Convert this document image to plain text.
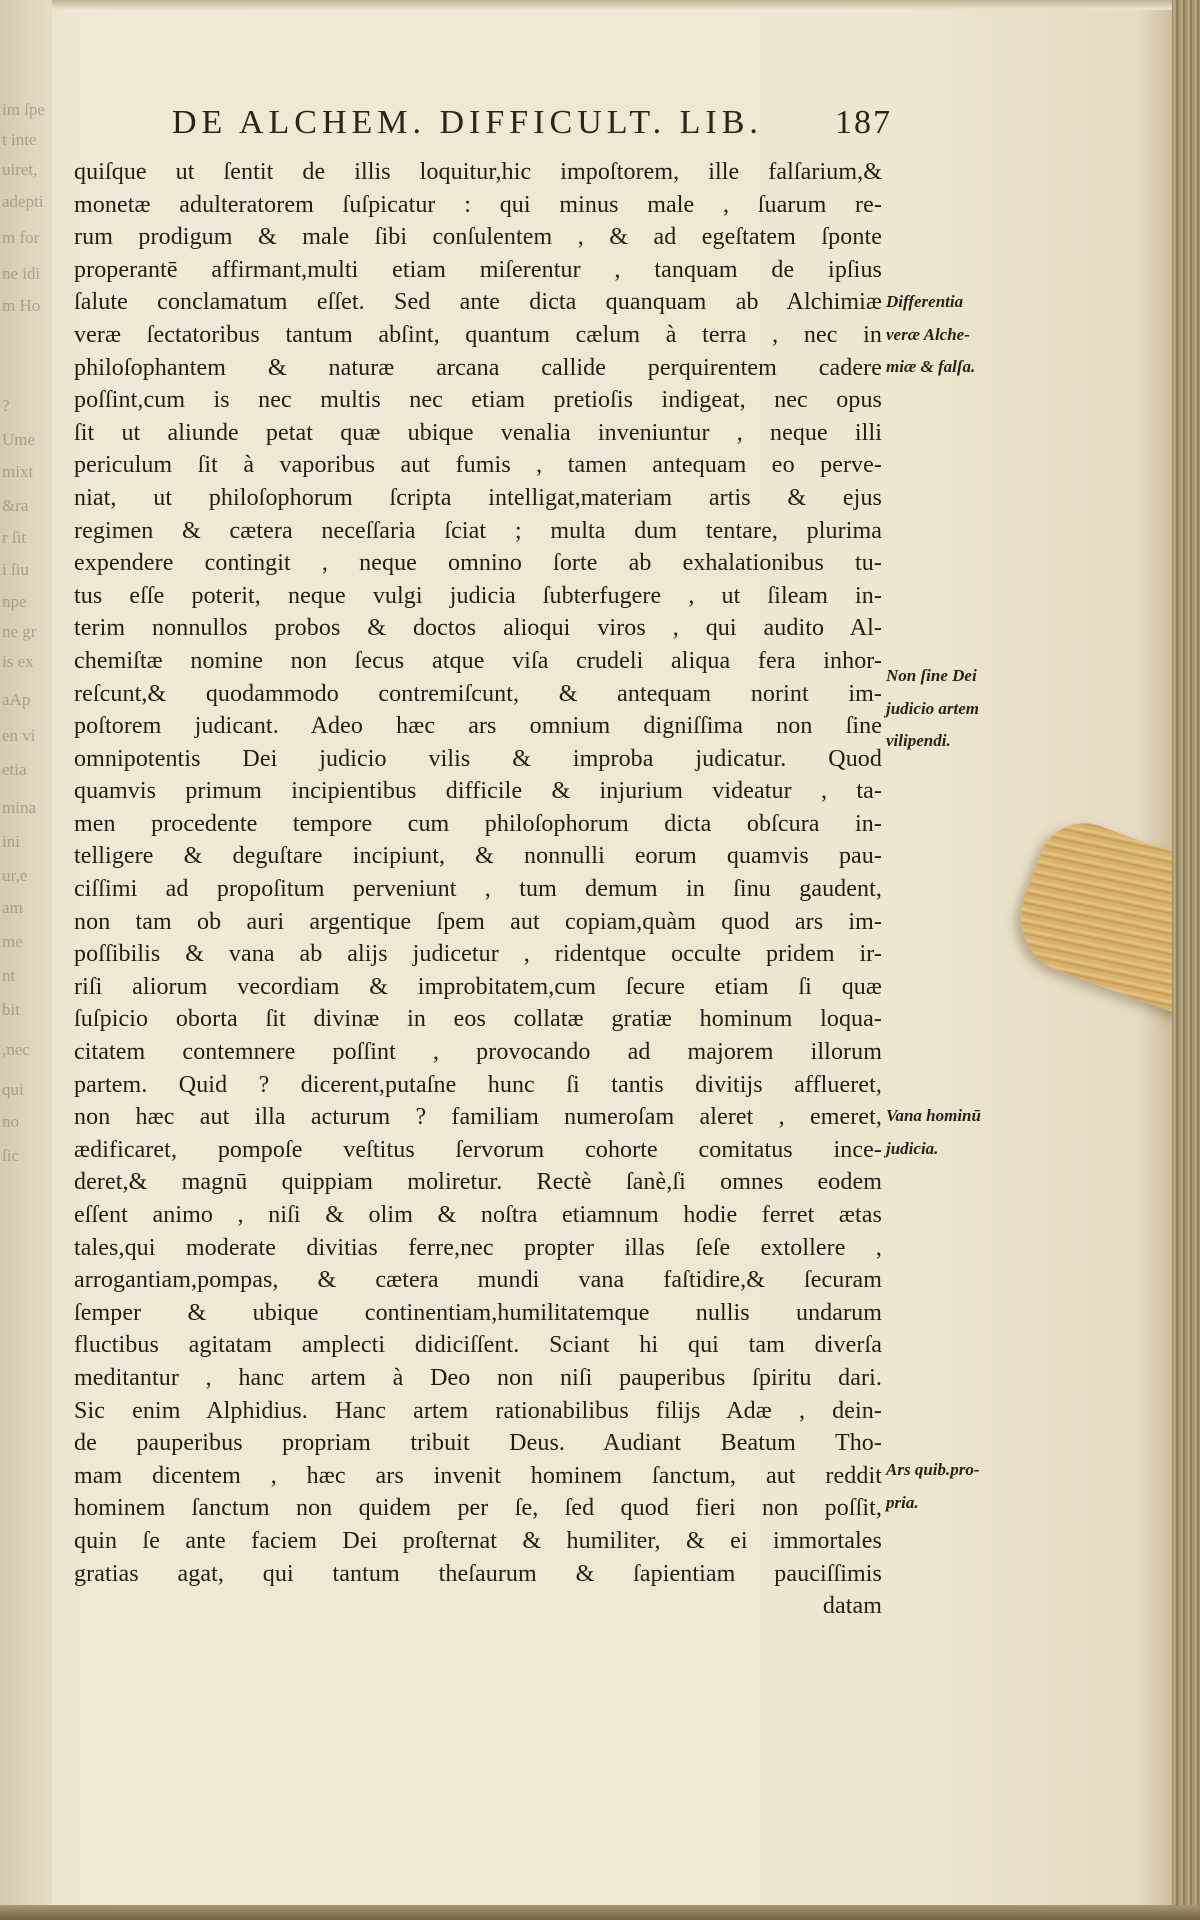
im ſpe
t inte
uiret,
adepti
m for
ne idi
m Ho
?
Ume
mixt
&ra
r ſit
i ſiu
npe
ne gr
is ex
aAp
en vi
etia
mina
ini
ur,e
am
me
nt
bit
,nec
qui
no
ſic
DE ALCHEM. DIFFICULT. LIB. 187
quiſque ut ſentit de illis loquitur,hic impoſtorem, ille falſarium,&
monetæ adulteratorem ſuſpicatur : qui minus male , ſuarum re-
rum prodigum & male ſibi conſulentem , & ad egeſtatem ſponte
properantē affirmant,multi etiam miſerentur , tanquam de ipſius
ſalute conclamatum eſſet. Sed ante dicta quanquam ab Alchimiæ
veræ ſectatoribus tantum abſint, quantum cælum à terra , nec in
philoſophantem & naturæ arcana callide perquirentem cadere
poſſint,cum is nec multis nec etiam pretioſis indigeat, nec opus
ſit ut aliunde petat quæ ubique venalia inveniuntur , neque illi
periculum ſit à vaporibus aut fumis , tamen antequam eo perve-
niat, ut philoſophorum ſcripta intelligat,materiam artis & ejus
regimen & cætera neceſſaria ſciat ; multa dum tentare, plurima
expendere contingit , neque omnino ſorte ab exhalationibus tu-
tus eſſe poterit, neque vulgi judicia ſubterfugere , ut ſileam in-
terim nonnullos probos & doctos alioqui viros , qui audito Al-
chemiſtæ nomine non ſecus atque viſa crudeli aliqua fera inhor-
reſcunt,& quodammodo contremiſcunt, & antequam norint im-
poſtorem judicant. Adeo hæc ars omnium digniſſima non ſine
omnipotentis Dei judicio vilis & improba judicatur. Quod
quamvis primum incipientibus difficile & injurium videatur , ta-
men procedente tempore cum philoſophorum dicta obſcura in-
telligere & deguſtare incipiunt, & nonnulli eorum quamvis pau-
ciſſimi ad propoſitum perveniunt , tum demum in ſinu gaudent,
non tam ob auri argentique ſpem aut copiam,quàm quod ars im-
poſſibilis & vana ab alijs judicetur , ridentque occulte pridem ir-
riſi aliorum vecordiam & improbitatem,cum ſecure etiam ſi quæ
ſuſpicio oborta ſit divinæ in eos collatæ gratiæ hominum loqua-
citatem contemnere poſſint , provocando ad majorem illorum
partem. Quid ? dicerent,putaſne hunc ſi tantis divitijs afflueret,
non hæc aut illa acturum ? familiam numeroſam aleret , emeret,
ædificaret, pompoſe veſtitus ſervorum cohorte comitatus ince-
deret,& magnū quippiam moliretur. Rectè ſanè,ſi omnes eodem
eſſent animo , niſi & olim & noſtra etiamnum hodie ferret ætas
tales,qui moderate divitias ferre,nec propter illas ſeſe extollere ,
arrogantiam,pompas, & cætera mundi vana faſtidire,& ſecuram
ſemper & ubique continentiam,humilitatemque nullis undarum
fluctibus agitatam amplecti didiciſſent. Sciant hi qui tam diverſa
meditantur , hanc artem à Deo non niſi pauperibus ſpiritu dari.
Sic enim Alphidius. Hanc artem rationabilibus filijs Adæ , dein-
de pauperibus propriam tribuit Deus. Audiant Beatum Tho-
mam dicentem , hæc ars invenit hominem ſanctum, aut reddit
hominem ſanctum non quidem per ſe, ſed quod fieri non poſſit,
quin ſe ante faciem Dei proſternat & humiliter, & ei immortales
gratias agat, qui tantum theſaurum & ſapientiam pauciſſimis
datam
Differentia
veræ Alche-
miæ & falſa.
Non ſine Dei
judicio artem
vilipendi.
Vana hominū
judicia.
Ars quib.pro-
pria.
